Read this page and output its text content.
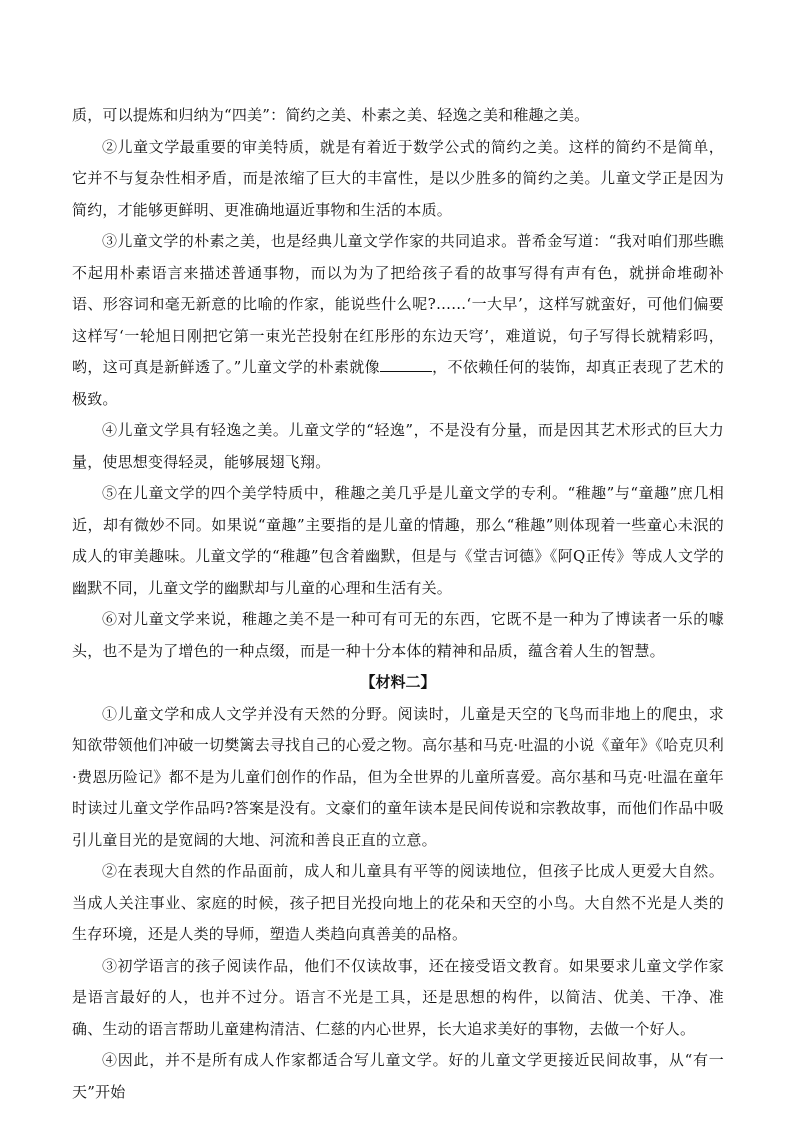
质，可以提炼和归纳为“四美”：简约之美、朴素之美、轻逸之美和稚趣之美。

②儿童文学最重要的审美特质，就是有着近于数学公式的简约之美。这样的简约不是简单，它并不与复杂性相矛盾，而是浓缩了巨大的丰富性，是以少胜多的简约之美。儿童文学正是因为简约，才能够更鲜明、更准确地逼近事物和生活的本质。

③儿童文学的朴素之美，也是经典儿童文学作家的共同追求。普希金写道：“我对咱们那些瞧不起用朴素语言来描述普通事物，而以为为了把给孩子看的故事写得有声有色，就拼命堆砌补语、形容词和毫无新意的比喻的作家，能说些什么呢?……‘一大早’，这样写就蛮好，可他们偏要这样写‘一轮旭日刚把它第一束光芒投射在红彤彤的东边天穹’，难道说，句子写得长就精彩吗，哟，这可真是新鲜透了。”儿童文学的朴素就像	，不依赖任何的装饰，却真正表现了艺术的极致。

④儿童文学具有轻逸之美。儿童文学的“轻逸”，不是没有分量，而是因其艺术形式的巨大力量，使思想变得轻灵，能够展翅飞翔。

⑤在儿童文学的四个美学特质中，稚趣之美几乎是儿童文学的专利。“稚趣”与“童趣”庶几相近，却有微妙不同。如果说“童趣”主要指的是儿童的情趣，那么“稚趣”则体现着一些童心未泯的成人的审美趣味。儿童文学的“稚趣”包含着幽默，但是与《堂吉诃德》《阿Q正传》等成人文学的幽默不同，儿童文学的幽默却与儿童的心理和生活有关。

⑥对儿童文学来说，稚趣之美不是一种可有可无的东西，它既不是一种为了博读者一乐的噱头，也不是为了增色的一种点缀，而是一种十分本体的精神和品质，蕴含着人生的智慧。

【材料二】

①儿童文学和成人文学并没有天然的分野。阅读时，儿童是天空的飞鸟而非地上的爬虫，求知欲带领他们冲破一切樊篱去寻找自己的心爱之物。高尔基和马克·吐温的小说《童年》《哈克贝利·费恩历险记》都不是为儿童们创作的作品，但为全世界的儿童所喜爱。高尔基和马克·吐温在童年时读过儿童文学作品吗?答案是没有。文豪们的童年读本是民间传说和宗教故事，而他们作品中吸引儿童目光的是宽阔的大地、河流和善良正直的立意。

②在表现大自然的作品面前，成人和儿童具有平等的阅读地位，但孩子比成人更爱大自然。当成人关注事业、家庭的时候，孩子把目光投向地上的花朵和天空的小鸟。大自然不光是人类的生存环境，还是人类的导师，塑造人类趋向真善美的品格。

③初学语言的孩子阅读作品，他们不仅读故事，还在接受语文教育。如果要求儿童文学作家是语言最好的人，也并不过分。语言不光是工具，还是思想的构件，以简洁、优美、干净、准确、生动的语言帮助儿童建构清洁、仁慈的内心世界，长大追求美好的事物，去做一个好人。

④因此，并不是所有成人作家都适合写儿童文学。好的儿童文学更接近民间故事，从“有一天”开始
